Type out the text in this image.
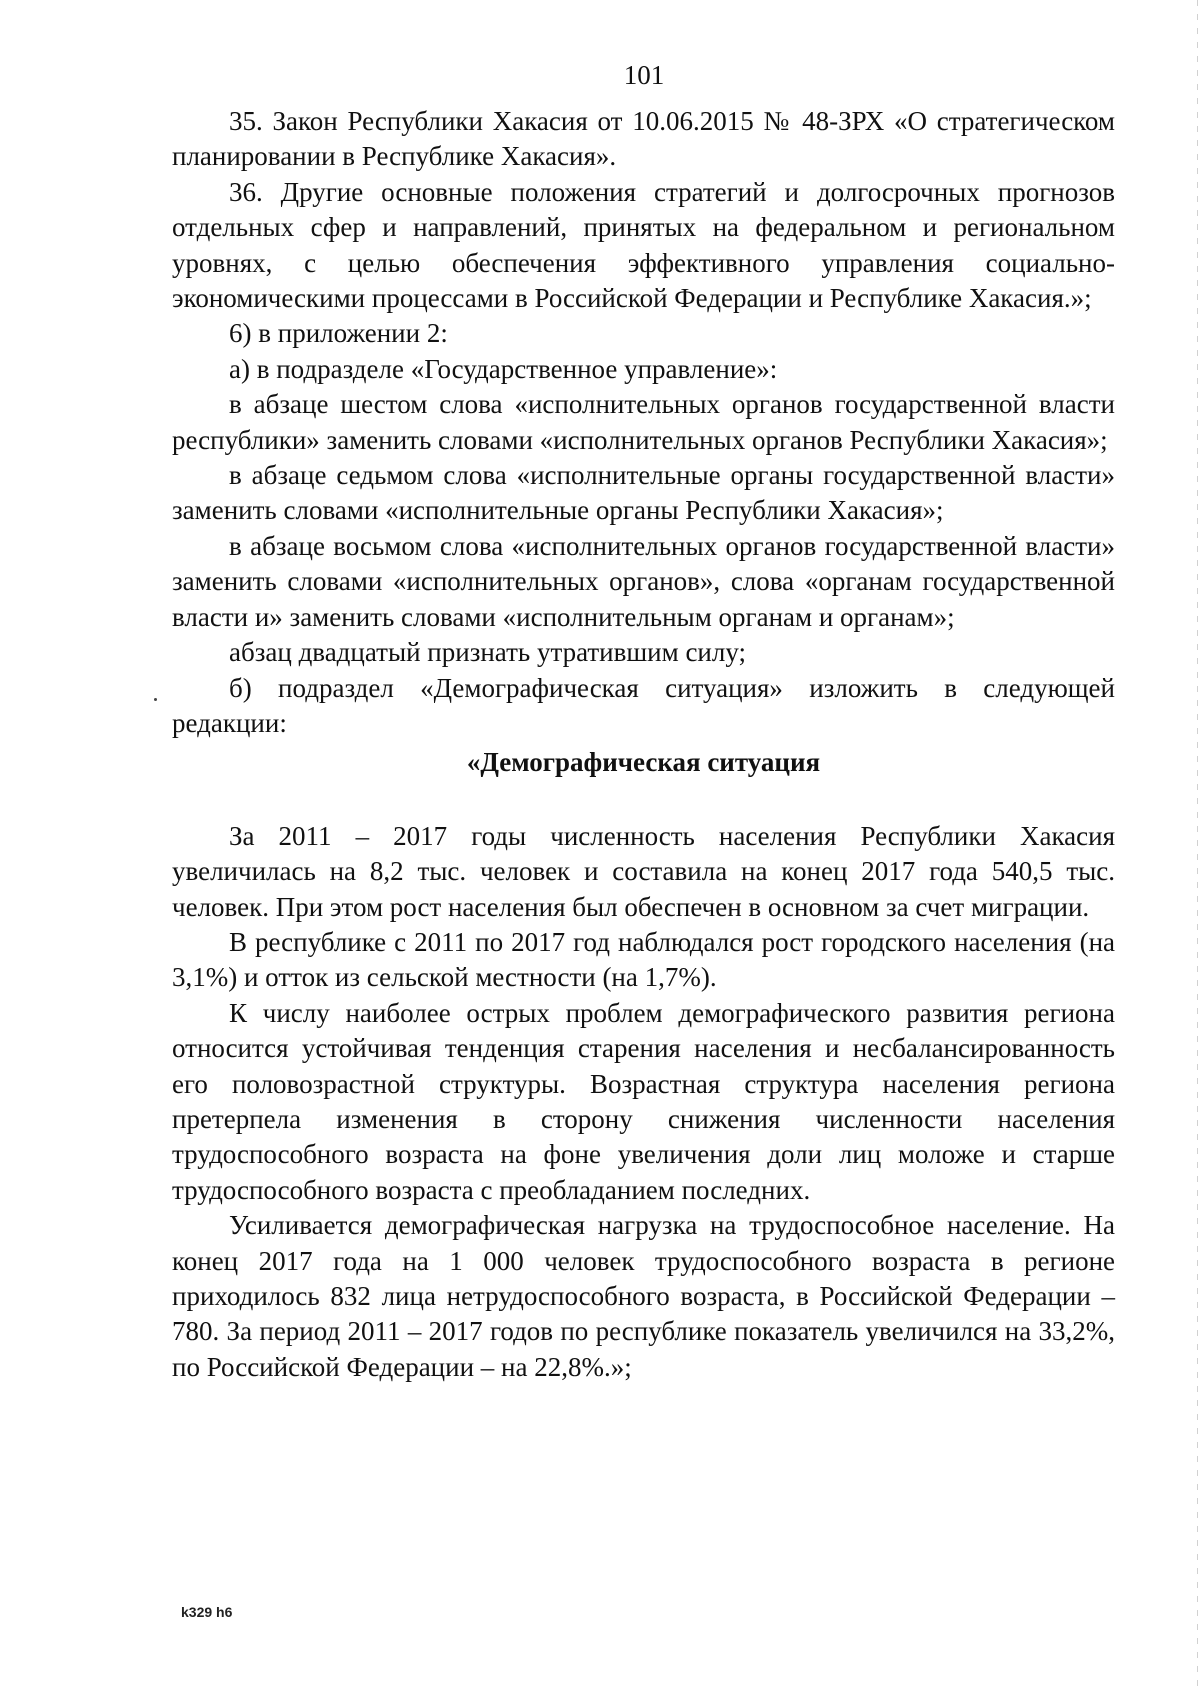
101

35. Закон Республики Хакасия от 10.06.2015 № 48-ЗРХ «О стратегическом планировании в Республике Хакасия».

36. Другие основные положения стратегий и долгосрочных прогнозов отдельных сфер и направлений, принятых на федеральном и региональном уровнях, с целью обеспечения эффективного управления социально-экономическими процессами в Российской Федерации и Республике Хакасия.»;

6) в приложении 2:

а) в подразделе «Государственное управление»:

в абзаце шестом слова «исполнительных органов государственной власти республики» заменить словами «исполнительных органов Республики Хакасия»;

в абзаце седьмом слова «исполнительные органы государственной власти» заменить словами «исполнительные органы Республики Хакасия»;

в абзаце восьмом слова «исполнительных органов государственной власти» заменить словами «исполнительных органов», слова «органам государственной власти и» заменить словами «исполнительным органам и органам»;

абзац двадцатый признать утратившим силу;

б) подраздел «Демографическая ситуация» изложить в следующей редакции:

«Демографическая ситуация

За 2011 – 2017 годы численность населения Республики Хакасия увеличилась на 8,2 тыс. человек и составила на конец 2017 года 540,5 тыс. человек. При этом рост населения был обеспечен в основном за счет миграции.

В республике с 2011 по 2017 год наблюдался рост городского населения (на 3,1%) и отток из сельской местности (на 1,7%).

К числу наиболее острых проблем демографического развития региона относится устойчивая тенденция старения населения и несбалансированность его половозрастной структуры. Возрастная структура населения региона претерпела изменения в сторону снижения численности населения трудоспособного возраста на фоне увеличения доли лиц моложе и старше трудоспособного возраста с преобладанием последних.

Усиливается демографическая нагрузка на трудоспособное население. На конец 2017 года на 1 000 человек трудоспособного возраста в регионе приходилось 832 лица нетрудоспособного возраста, в Российской Федерации – 780. За период 2011 – 2017 годов по республике показатель увеличился на 33,2%, по Российской Федерации – на 22,8%.»;

k329 h6
